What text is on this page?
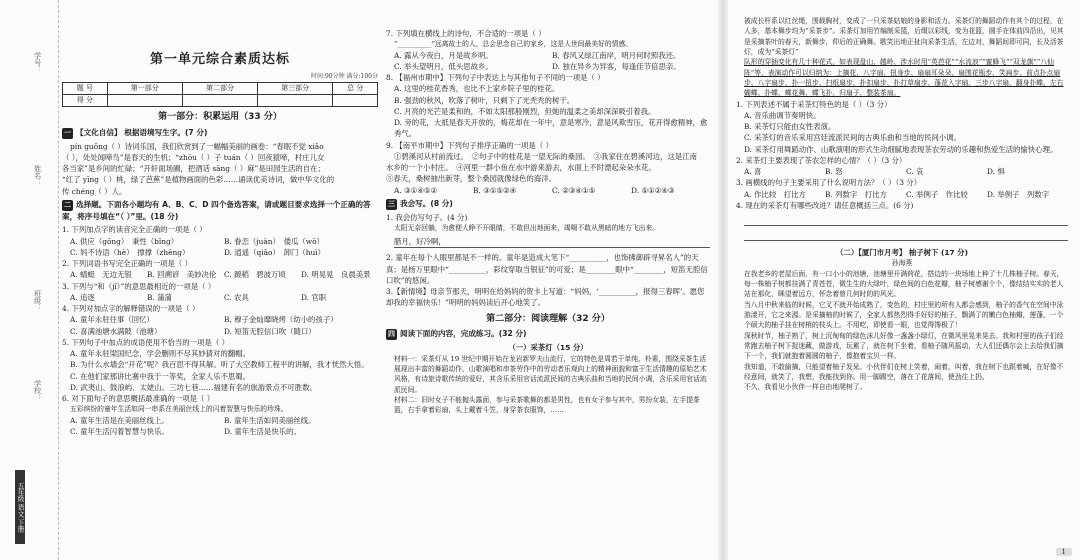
学号：
姓名：
班级：
学校：
五年级 语文 下册
第一单元综合素质达标
时间:90分钟 满分:100分
题 号	第一部分	第二部分	第三部分	总 分
得 分				
第一部分：积累运用（33 分）
一 【文化自信】 根据语境写生字。(7 分)

pín ɡuǒnɡ（ ）诗词乐国，我们欣赏到了一幅幅美丽的画卷：“春眠不觉 xiǎo

（ ），处处闻啼鸟”是春天的生机；“zhōu（ ）子 tuán（ ）回夜猿啼，村庄儿女

各当家”是乡间的忙碌；“开轩面场圃，把酒话 sānɡ（ ）麻”是田园生活的自在；

“红了 yīnɡ（ ）桃，绿了芭蕉”是植物画面的色彩……诵读优美诗词，做中华文化的

传 chénɡ（ ）人。

二 选择题。下面各小题均有 A、B、C、D 四个备选答案，请或题目要求选择一个正确的答案，将序号填在“（ ）”里。(18 分)

1. 下列加点字的读音完全正确的一项是（ ）

A. 供应（ɡōnɡ）　秉性（bǐnɡ）	B. 眷恋（juàn）　倭瓜（wō）
C. 妈不诗语（hè）　撑撑（zhēnɡ）	D. 逍遥（qiāo）　卸门（huì）

2. 下列词语书写完全正确的一项是（ ）

A. 蜻蜓　无边无银	B. 回溯谚　美妙决伦	C. 踱稻　碧波万顷	D. 明晃晃　良晨美景

3. 下列与“和（jǐ）”的意思最相近的一项是（ ）

A. 追逐	B. 蒲蒲	C. 农具	D. 官职

4. 下列对加点字的解释错误的一项是（ ）

A. 童年永驻往事（回忆）	B. 穆子金灿靡晓烤（幼小的孩子）
C. 喜满池塘水满陂（池塘）	D. 短笛无腔信口吹（随口）

5. 下列句子中加点的成语使用不恰当的一项是（ ）

A. 童年永驻梁国纪念，学会删则不尽其妙猜对的翻帽。

B. 为什么水墙会“开花”呢？我百思不得其解。听了大空教师工程平的讲解，我才恍然大悟。

C. 在他们家那讲比赛中我于一等奖，全家人乐不思蜀。

D. 武夷山、鼓浪屿、太姥山、三坊七巷……福建有名的旅游景点不可胜数。

6. 对下面句子的意思概括最准确的一项是（ ）

五彩缤纷的童年生活如同一串系在美丽丝线上的闪着智慧与快乐的珍珠。

A. 童年生活是在美丽丝线上。	B. 童年生活如同美丽丝线。
C. 童年生活闪着智慧与快乐。	D. 童年生活是快乐的。

7. 下列填在横线上的诗句，不合适的一项是（ ）

“__________”远离故土的人，总会思念自己的家乡，这是人世间最美好的情感。

A. 露从今夜白，月是故乡明。	B. 春风又绿江南岸，明月何时照我还。
C. 举头望明月，低头思故乡。	D. 独在异乡为异客，每逢佳节倍思亲。

8. 【福州市期中】下列句子中表达上与其他句子不同的一项是（ ）

A. 这里的桂花香秀，也比不上家乡院子里的桂花。

B. 强劲的秋风，吹落了树叶，只剩下了光秃秃的树干。

C. 月亮的光芒是柔和的，不如太阳那般刚烈，但她的温柔之美却深深吸引着我。

D. 旁的花，大抵是春天开放的，梅花却在一年中，意是寒冷，意是风欺雪压，花开得愈精神，愈秀气。

9. 【南平市期中】下列句子排序正确的一项是（ ）

①碧溪河从村前流过。　②句子中的桂花是一望无际的桑园。　③我家住在碧溪河边，这是江南

水乡的一个小村庄。　④河里一群小鱼在水中游来游去，水面上不时漂起朵朵水花。

⑤春天，桑树抽出新芽，整个桑园就像绿色的海洋。

A. ③①④⑤②	B. ③①⑤②④	C. ②③④①⑤	D. ⑤①②④③
三 我会写。(8 分)

1. 我会仿写句子。(4 分)

太阳无奈回躺，为愈便人睁不开眼睛，不敢但出地面来，竭喝不敢从黑暗的地方飞出来。

腊月，好冷啊，

2. 童年在每个人眼里都是不一样的。童年是造成大笔下“__________，也饰拂御辟寻昇名人”的天真；是杨万里眼中“__________，彩纹穿取当银征”的可爱；是________眼中“________，短笛无腔信口吹”的悠闲。

3.【新情境】母亲节那天，明明在给妈妈的贺卡上写道：“妈妈，‘__________，报得三春晖’。愿您却我的幸福快乐！”明明的妈妈读后开心地笑了。

第二部分：阅读理解（32 分）
四 阅读下面的内容，完成练习。(32 分)
（一）采茶灯（15 分）

材料一：采茶灯从 19 世纪中期开始在龙岩新罗夫山流行，它的特色是周若干单纯、朴素，围绕采茶生活展现出丰富的舞蹈动作，山歌演唱和串茶劳作中的劳动者乐观向上的精神面貌和富于生活情趣的原始艺术风格，有诗旅诗歌传统的爱好，其含乐采用官话流派民间的古典乐曲和当地的民间小调，含乐采用官话流派民间。

材料二：旧时女子不能抛头露面，参与采茶歌舞的都是男性，也有女子参与其中，男扮女装，左手提茶篮，右手拿着彩扇，头上戴着斗笠，身穿茶农服饰，……

被成长杆系以红丝绳，围载胸衬，变成了一只采茶姑娘的身影和活力。采茶灯的舞蹈动作有其个的过程，在人多，基本舞步均为“采茶步”。采茶灯加用竹编制采篮，后缀以彩线，变为花篮，圆手在体前四沿出，见其是采摘茶叶的春天，新舞步，仰后的正确舞。歌笑出地正扯向采茶生活，左边对，舞蹈间即可同，长及活茶灯，成为“采茶灯”

队形的穿插变化有几十种花式，如表现盘山、越岭、涉水时用“英芭花”“水流浪”“蜜蜂飞”“双龙旗”“八仙阵”等，表演动作可以归纳为：上摘花、八字扇、扭身步、扇扇耳朵朵、扇围花瓶步、笑扁步、前点扑点扇步、八字扇步、扑一扭步、扫纸扇步、扑扣扇步、扑打草扇步、蓬花入字扇、三步八字扇、翻身扑蝶、左右蝴蝶、扑蝶、蝶花舞、蝶飞扑、归扇子、整装茶扇。

1. 下列表述不属于采茶灯特色的是（ ）（3 分）

A. 音乐曲调节奏明快。

B. 采茶灯只能由女性表演。

C. 采茶灯的音乐采用宫廷流派民间的古典乐曲和当地的民间小调。

D. 采茶灯用舞蹈动作、山歌演唱的形式生动细腻地表现茶农劳动的乐趣和热爱生活的愉快心理。

2. 采茶灯主要表现了茶农怎样的心情？（ ）（3 分）

A. 喜	B. 怒	C. 哀	D. 惧

3. 画横线的句子主要采用了什么说明方法？（ ）（3 分）

A. 作比较　打比方	B. 列数字　打比方	C. 举例子　作比较	D. 举例子　列数字

4. 现在的采茶灯有哪些改进？请任意概括三点。(6 分)

（二）【厦门市月考】 柚子树下 (17 分)
孙海燕

在我老乡的老屋后面，有一口小小的池塘，池塘里开满荷花，搭边的一块场地上种了十几株柚子树。春天，每一株柚子树都挂满了青苍苍，微生生的大绿叶，绿色间的白色花瓣，柚子树感谢个个，像结结实实的老人站在那化，眯望着远方，怀念着曾几何时的的风光。

当八月中秋来临的时候，它叉不就开始成熟了，变色的，村庄里的所有人都会感到，柚子的香气在空间中泳游漾开，它之来源。是采摘柚的时候了，全家人都热烈得手好好的柚子，飘满了的嫩白色柚瓣，莲蓬，一个个硕大的柚子挂在树梢的枝头上。不用吃，即使看一眼，也觉得馋极了！

深秋时节，柚子熟了，树上沉甸甸的绿色沫儿好像一盏盏小绿灯，在微风里晃来晃去。我和村里的孩子们经常跑去柚子树下捉迷藏，做游戏，玩累了，就在树下坐着，看柚子随风摇动，大人们还偶尔会上去给我们摘下一个，我们就抱着圆圆的柚子，像抱着宝贝一样。

我知道，不敢偷摘，只能望着柚子发呆。小伙伴们在树上笑着，闹着，叫着，我在树下也跟着喊，在好像不经意间，就笑了，我想，我能找到你。用一脚踢空，落在了花落间，使劲往上扔。

不久，我看见小伙伴一样自由地爬树了。

1
